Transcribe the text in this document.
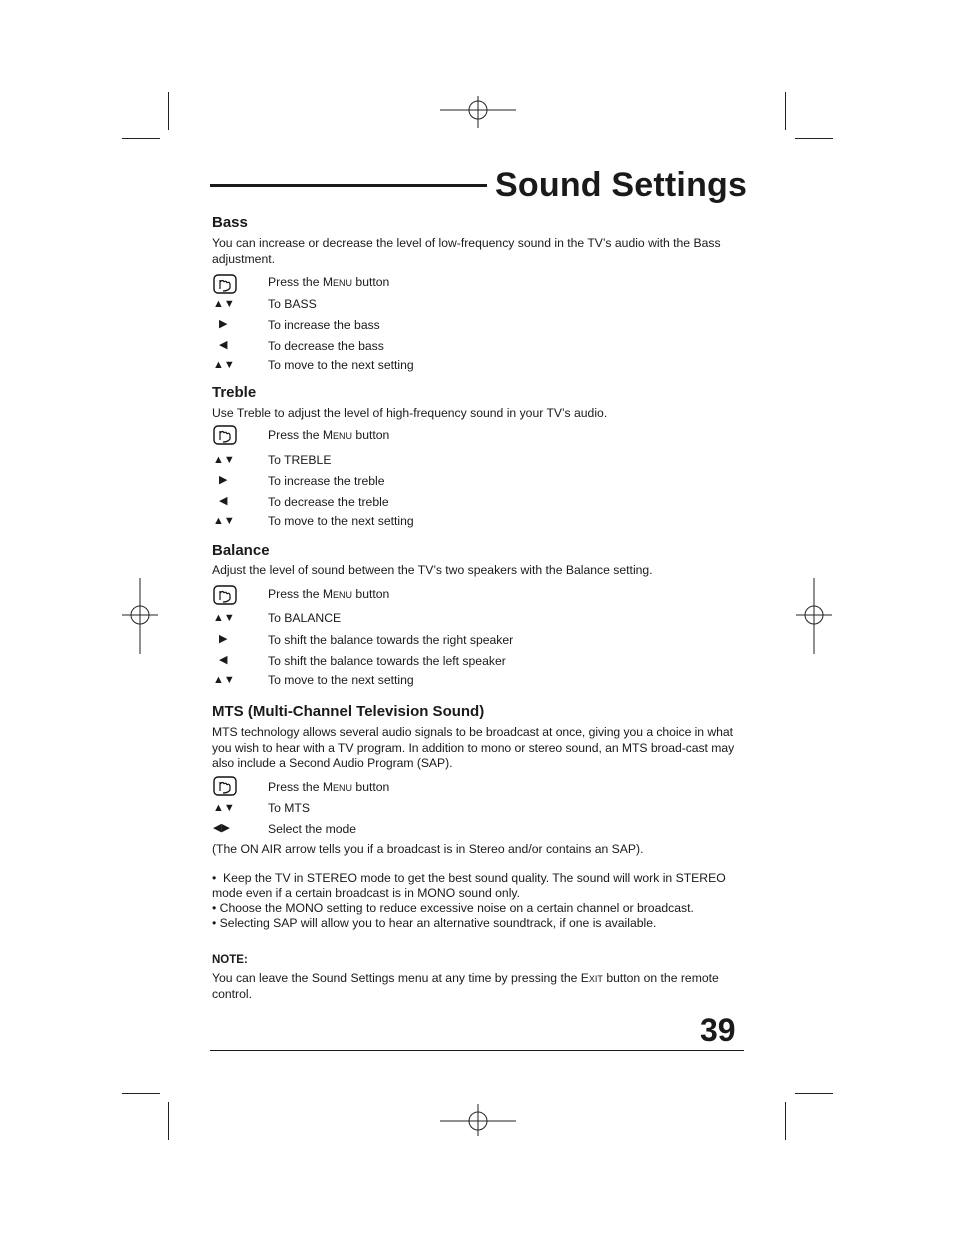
Sound Settings
Bass
You can increase or decrease the level of low-frequency sound in the TV’s audio with the Bass adjustment.
Press the Menu button
▲▼	To BASS
▶	To increase the bass
◀	To decrease the bass
▲▼	To move to the next setting
Treble
Use Treble to adjust the level of high-frequency sound in your TV’s audio.
Press the Menu button
▲▼	To TREBLE
▶	To increase the treble
◀	To decrease the treble
▲▼	To move to the next setting
Balance
Adjust the level of sound between the TV’s two speakers with the Balance setting.
Press the Menu button
▲▼	To BALANCE
▶	To shift the balance towards the right speaker
◀	To shift the balance towards the left speaker
▲▼	To move to the next setting
MTS (Multi-Channel Television Sound)
MTS technology allows several audio signals to be broadcast at once, giving you a choice in what you wish to hear with a TV program. In addition to mono or stereo sound, an MTS broad-cast may also include a Second Audio Program (SAP).
Press the Menu button
▲▼	To MTS
◀▶	Select the mode
(The ON AIR arrow tells you if a broadcast is in Stereo and/or contains an SAP).
•  Keep the TV in STEREO mode to get the best sound quality. The sound will work in STEREO mode even if a certain broadcast is in MONO sound only.
• Choose the MONO setting to reduce excessive noise on a certain channel or broadcast.
• Selecting SAP will allow you to hear an alternative soundtrack, if one is available.
NOTE:
You can leave the Sound Settings menu at any time by pressing the Exit button on the remote control.
39
